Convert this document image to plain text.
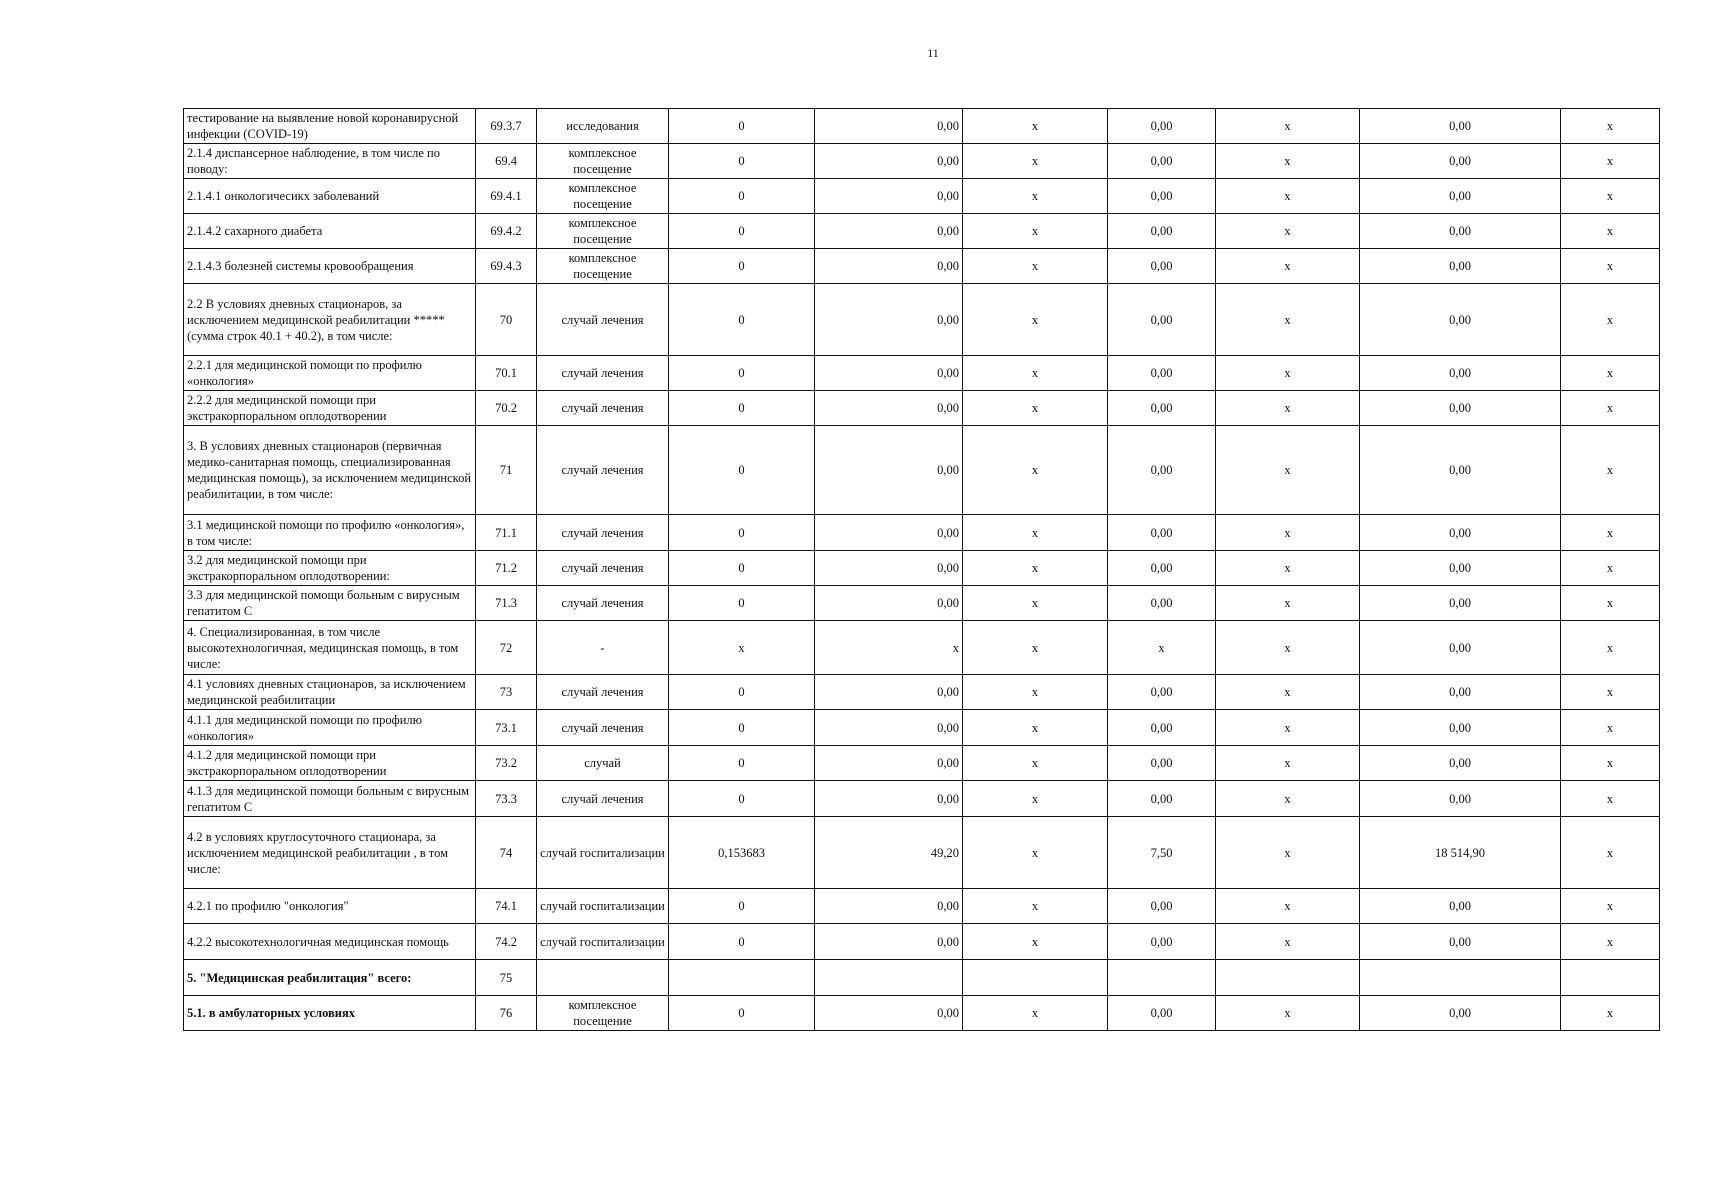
11
тестирование на выявление новой коронавирусной инфекции (COVID-19)	69.3.7	исследования	0	0,00	x	0,00	x	0,00	x
2.1.4 диспансерное наблюдение, в том числе по поводу:	69.4	комплексное посещение	0	0,00	x	0,00	x	0,00	x
2.1.4.1 онкологичесикх заболеваний	69.4.1	комплексное посещение	0	0,00	x	0,00	x	0,00	x
2.1.4.2 сахарного диабета	69.4.2	комплексное посещение	0	0,00	x	0,00	x	0,00	x
2.1.4.3 болезней системы кровообращения	69.4.3	комплексное посещение	0	0,00	x	0,00	x	0,00	x
2.2 В условиях дневных стационаров, за исключением медицинской реабилитации ***** (сумма строк 40.1 + 40.2), в том числе:	70	случай лечения	0	0,00	x	0,00	x	0,00	x
2.2.1 для медицинской помощи по профилю «онкология»	70.1	случай лечения	0	0,00	x	0,00	x	0,00	x
2.2.2 для медицинской помощи при экстракорпоральном оплодотворении	70.2	случай лечения	0	0,00	x	0,00	x	0,00	x
3. В условиях дневных стационаров (первичная медико-санитарная помощь, специализированная медицинская помощь), за исключением медицинской реабилитации, в том числе:	71	случай лечения	0	0,00	x	0,00	x	0,00	x
3.1 медицинской помощи по профилю «онкология», в том числе:	71.1	случай лечения	0	0,00	x	0,00	x	0,00	x
3.2 для медицинской помощи при экстракорпоральном оплодотворении:	71.2	случай лечения	0	0,00	x	0,00	x	0,00	x
3.3 для медицинской помощи больным с вирусным гепатитом С	71.3	случай лечения	0	0,00	x	0,00	x	0,00	x
4. Специализированная, в том числе высокотехнологичная, медицинская помощь, в том числе:	72	-	x	x	x	x	x	0,00	x
4.1 условиях дневных стационаров, за исключением медицинской реабилитации	73	случай лечения	0	0,00	x	0,00	x	0,00	x
4.1.1 для медицинской помощи по профилю «онкология»	73.1	случай лечения	0	0,00	x	0,00	x	0,00	x
4.1.2 для медицинской помощи при экстракорпоральном оплодотворении	73.2	случай	0	0,00	x	0,00	x	0,00	x
4.1.3 для медицинской помощи больным с вирусным гепатитом С	73.3	случай лечения	0	0,00	x	0,00	x	0,00	x
4.2 в условиях круглосуточного стационара, за исключением медицинской реабилитации , в том числе:	74	случай госпитализации	0,153683	49,20	x	7,50	x	18 514,90	x
4.2.1 по профилю "онкология"	74.1	случай госпитализации	0	0,00	x	0,00	x	0,00	x
4.2.2 высокотехнологичная медицинская помощь	74.2	случай госпитализации	0	0,00	x	0,00	x	0,00	x
5. "Медицинская реабилитация" всего:	75								
5.1. в амбулаторных условиях	76	комплексное посещение	0	0,00	x	0,00	x	0,00	x
